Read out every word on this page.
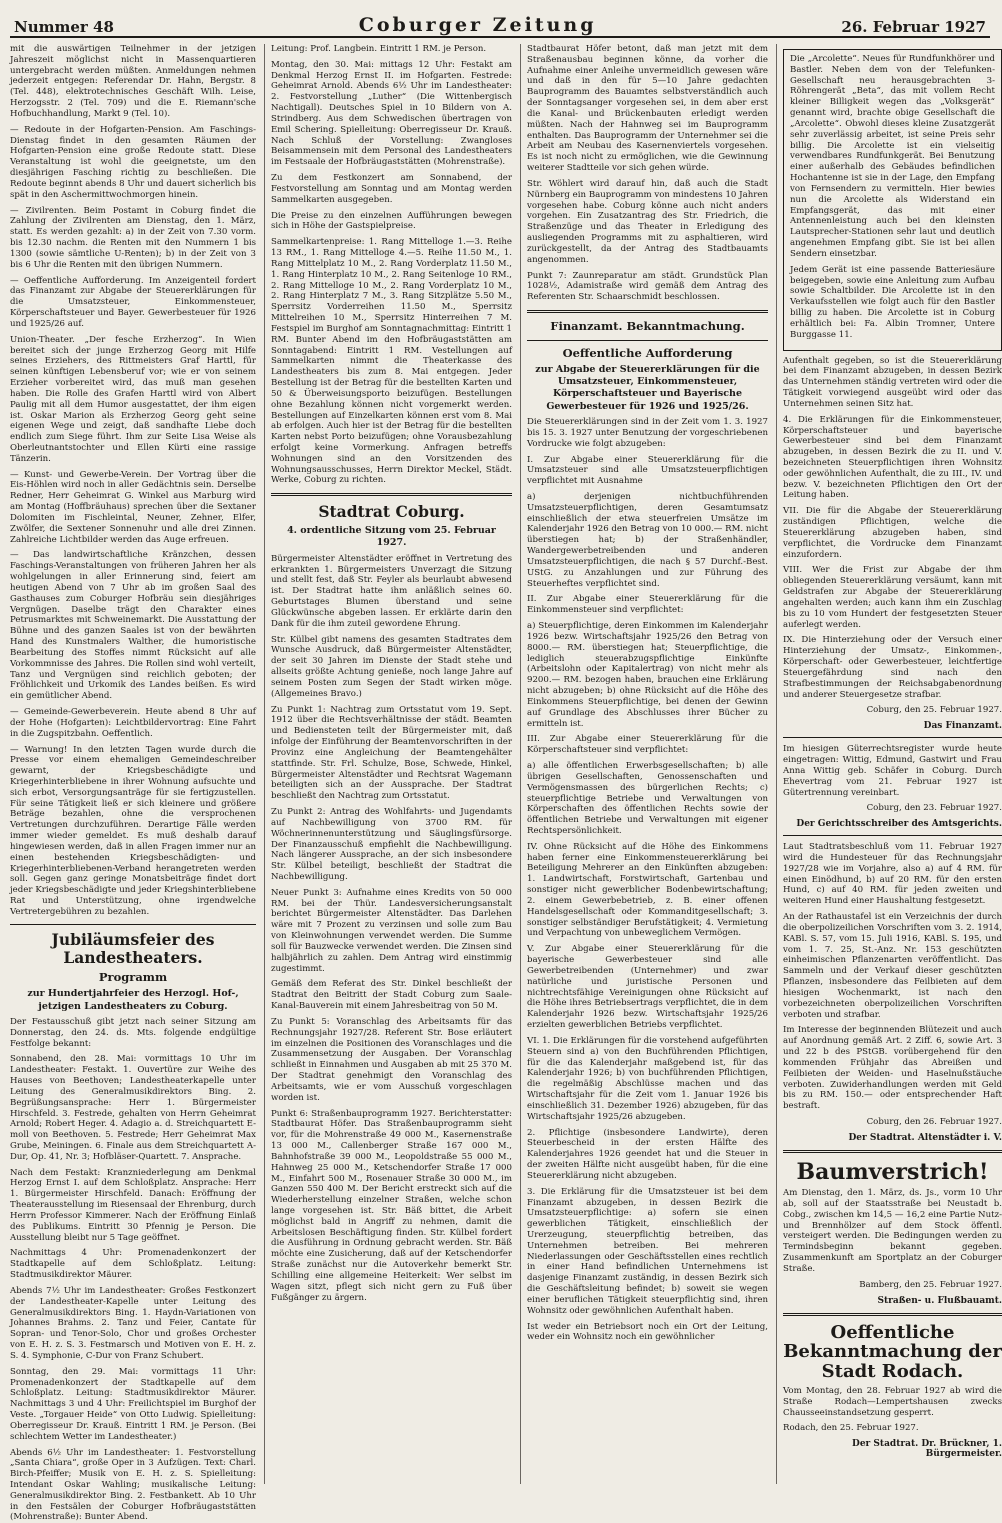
Nummer 48	Coburger Zeitung	26. Februar 1927

mit die auswärtigen Teilnehmer in der jetzigen Jahreszeit möglichst nicht in Massenquartieren untergebracht werden müßten. Anmeldungen nehmen jederzeit entgegen: Referendar Dr. Hahn, Bergstr. 8 (Tel. 448), elektrotechnisches Geschäft Wilh. Leise, Herzogsstr. 2 (Tel. 709) und die E. Riemann'sche Hofbuchhandlung, Markt 9 (Tel. 10).

— Redoute in der Hofgarten-Pension. Am Faschings-Dienstag findet in den gesamten Räumen der Hofgarten-Pension eine große Redoute statt. Diese Veranstaltung ist wohl die geeignetste, um den diesjährigen Fasching richtig zu beschließen. Die Redoute beginnt abends 8 Uhr und dauert sicherlich bis spät in den Aschermittwochmorgen hinein.

— Zivilrenten. Beim Postamt in Coburg findet die Zahlung der Zivilrenten am Dienstag, den 1. März, statt. Es werden gezahlt: a) in der Zeit von 7.30 vorm. bis 12.30 nachm. die Renten mit den Nummern 1 bis 1300 (sowie sämtliche U-Renten); b) in der Zeit von 3 bis 6 Uhr die Renten mit den übrigen Nummern.

— Oeffentliche Aufforderung. Im Anzeigenteil fordert das Finanzamt zur Abgabe der Steuererklärungen für die Umsatzsteuer, Einkommensteuer, Körperschaftsteuer und Bayer. Gewerbesteuer für 1926 und 1925/26 auf.

Union-Theater. „Der fesche Erzherzog“. In Wien bereitet sich der junge Erzherzog Georg mit Hilfe seines Erziehers, des Rittmeisters Graf Harttl, für seinen künftigen Lebensberuf vor; wie er von seinem Erzieher vorbereitet wird, das muß man gesehen haben. Die Rolle des Grafen Harttl wird von Albert Paulig mit all dem Humor ausgestattet, der ihm eigen ist. Oskar Marion als Erzherzog Georg geht seine eigenen Wege und zeigt, daß sandhafte Liebe doch endlich zum Siege führt. Ihm zur Seite Lisa Weise als Oberleutnantstochter und Ellen Kürti eine rassige Tänzerin.

— Kunst- und Gewerbe-Verein. Der Vortrag über die Eis-Höhlen wird noch in aller Gedächtnis sein. Derselbe Redner, Herr Geheimrat G. Winkel aus Marburg wird am Montag (Hoffbräuhaus) sprechen über die Sextaner Dolomiten im Fischleintal, Neuner, Zehner, Elfer, Zwölfer, die Sextener Sonnenuhr und alle drei Zinnen. Zahlreiche Lichtbilder werden das Auge erfreuen.

— Das landwirtschaftliche Kränzchen, dessen Faschings-Veranstaltungen von früheren Jahren her als wohlgelungen in aller Erinnerung sind, feiert am heutigen Abend von 7 Uhr ab im großen Saal des Gasthauses zum Coburger Hofbräu sein diesjähriges Vergnügen. Daselbe trägt den Charakter eines Petrusmarktes mit Schweinemarkt. Die Ausstattung der Bühne und des ganzen Saales ist von der bewährten Hand des Kunstmalers Walther, die humoristische Bearbeitung des Stoffes nimmt Rücksicht auf alle Vorkommnisse des Jahres. Die Rollen sind wohl verteilt, Tanz und Vergnügen sind reichlich geboten; der Fröhlichkeit und Urkomik des Landes beißen. Es wird ein gemütlicher Abend.

— Gemeinde-Gewerbeverein. Heute abend 8 Uhr auf der Hohe (Hofgarten): Leichtbildervortrag: Eine Fahrt in die Zugspitzbahn. Oeffentlich.

— Warnung! In den letzten Tagen wurde durch die Presse vor einem ehemaligen Gemeindeschreiber gewarnt, der Kriegsbeschädigte und Kriegerhinterbliebene in ihrer Wohnung aufsuchte und sich erbot, Versorgungsanträge für sie fertigzustellen. Für seine Tätigkeit ließ er sich kleinere und größere Beträge bezahlen, ohne die versprochenen Vertretungen durchzuführen. Derartige Fälle werden immer wieder gemeldet. Es muß deshalb darauf hingewiesen werden, daß in allen Fragen immer nur an einen bestehenden Kriegsbeschädigten- und Kriegerhinterbliebenen-Verband herangetreten werden soll. Gegen ganz geringe Monatsbeiträge findet dort jeder Kriegsbeschädigte und jeder Kriegshinterbliebene Rat und Unterstützung, ohne irgendwelche Vertretergebühren zu bezahlen.

Jubiläumsfeier des Landestheaters.
Programm
zur Hundertjahrfeier des Herzogl. Hof-, jetzigen Landestheaters zu Coburg.

Der Festausschuß gibt jetzt nach seiner Sitzung am Donnerstag, den 24. ds. Mts. folgende endgültige Festfolge bekannt:

Sonnabend, den 28. Mai: vormittags 10 Uhr im Landestheater: Festakt. 1. Ouvertüre zur Weihe des Hauses von Beethoven; Landestheaterkapelle unter Leitung des Generalmusikdirektors Bing. 2. Begrüßungsansprache: Herr 1. Bürgermeister Hirschfeld. 3. Festrede, gehalten von Herrn Geheimrat Arnold; Robert Heger. 4. Adagio a. d. Streichquartett E-moll von Beethoven. 5. Festrede; Herr Geheimrat Max Grube, Meiningen. 6. Finale aus dem Streichquartett A-Dur, Op. 41, Nr. 3; Hofbläser-Quartett. 7. Ansprache.

Nach dem Festakt: Kranzniederlegung am Denkmal Herzog Ernst I. auf dem Schloßplatz. Ansprache: Herr 1. Bürgermeister Hirschfeld. Danach: Eröffnung der Theaterausstellung im Riesensaal der Ehrenburg, durch Herrn Professor Kimmerer. Nach der Eröffnung Einlaß des Publikums. Eintritt 30 Pfennig je Person. Die Ausstellung bleibt nur 5 Tage geöffnet.

Nachmittags 4 Uhr: Promenadenkonzert der Stadtkapelle auf dem Schloßplatz. Leitung: Stadtmusikdirektor Mäurer.

Abends 7½ Uhr im Landestheater: Großes Festkonzert der Landestheater-Kapelle unter Leitung des Generalmusikdirektors Bing. 1. Haydn-Variationen von Johannes Brahms. 2. Tanz und Feier, Cantate für Sopran- und Tenor-Solo, Chor und großes Orchester von E. H. z. S. 3. Festmarsch und Motiven von E. H. z. S. 4. Symphonie, C-Dur von Franz Schubert.

Sonntag, den 29. Mai: vormittags 11 Uhr: Promenadenkonzert der Stadtkapelle auf dem Schloßplatz. Leitung: Stadtmusikdirektor Mäurer. Nachmittags 3 und 4 Uhr: Freilichtspiel im Burghof der Veste. „Torgauer Heide“ von Otto Ludwig. Spielleitung: Oberregisseur Dr. Krauß. Eintritt 1 RM. je Person. (Bei schlechtem Wetter im Landestheater.)

Abends 6½ Uhr im Landestheater: 1. Festvorstellung „Santa Chiara“, große Oper in 3 Aufzügen. Text: Charl. Birch-Pfeiffer; Musik von E. H. z. S. Spielleitung: Intendant Oskar Wahling; musikalische Leitung: Generalmusikdirektor Bing. 2. Festbankett. Ab 10 Uhr in den Festsälen der Coburger Hofbräugaststätten (Mohrenstraße): Bunter Abend.

Leitung: Prof. Langbein. Eintritt 1 RM. je Person.

Montag, den 30. Mai: mittags 12 Uhr: Festakt am Denkmal Herzog Ernst II. im Hofgarten. Festrede: Geheimrat Arnold. Abends 6½ Uhr im Landestheater: 2. Festvorstellung „Luther“ (Die Wittenbergisch Nachtigall). Deutsches Spiel in 10 Bildern von A. Strindberg. Aus dem Schwedischen übertragen von Emil Schering. Spielleitung: Oberregisseur Dr. Krauß. Nach Schluß der Vorstellung: Zwangloses Beisammensein mit dem Personal des Landestheaters im Festsaale der Hofbräugaststätten (Mohrenstraße).

Zu dem Festkonzert am Sonnabend, der Festvorstellung am Sonntag und am Montag werden Sammelkarten ausgegeben.

Die Preise zu den einzelnen Aufführungen bewegen sich in Höhe der Gastspielpreise.

Sammelkartenpreise: 1. Rang Mittelloge 1.—3. Reihe 13 RM., 1. Rang Mittelloge 4.—5. Reihe 11.50 M., 1. Rang Mittelplatz 10 M., 2. Rang Vorderplatz 11.50 M., 1. Rang Hinterplatz 10 M., 2. Rang Seitenloge 10 RM., 2. Rang Mittelloge 10 M., 2. Rang Vorderplatz 10 M., 2. Rang Hinterplatz 7 M., 3. Rang Sitzplätze 5.50 M., Sperrsitz Vorderreihen 11.50 M., Sperrsitz Mittelreihen 10 M., Sperrsitz Hinterreihen 7 M. Festspiel im Burghof am Sonntagnachmittag: Eintritt 1 RM. Bunter Abend im den Hofbräugaststätten am Sonntagabend: Eintritt 1 RM. Vestellungen auf Sammelkarten nimmt die Theaterkasse des Landestheaters bis zum 8. Mai entgegen. Jeder Bestellung ist der Betrag für die bestellten Karten und 50 & Überweisungsporto beizufügen. Bestellungen ohne Bezahlung können nicht vorgemerkt werden. Bestellungen auf Einzelkarten können erst vom 8. Mai ab erfolgen. Auch hier ist der Betrag für die bestellten Karten nebst Porto beizufügen; ohne Vorausbezahlung erfolgt keine Vormerkung. Anfragen betreffs Wohnungen sind an den Vorsitzenden des Wohnungsausschusses, Herrn Direktor Meckel, Städt. Werke, Coburg zu richten.

Stadtrat Coburg.
4. ordentliche Sitzung vom 25. Februar 1927.

Bürgermeister Altenstädter eröffnet in Vertretung des erkrankten 1. Bürgermeisters Unverzagt die Sitzung und stellt fest, daß Str. Feyler als beurlaubt abwesend ist. Der Stadtrat hatte ihm anläßlich seines 60. Geburtstages Blumen überstand und seine Glückwünsche abgeben lassen. Er erklärte darin den Dank für die ihm zuteil gewordene Ehrung.

Str. Külbel gibt namens des gesamten Stadtrates dem Wunsche Ausdruck, daß Bürgermeister Altenstädter, der seit 30 Jahren im Dienste der Stadt stehe und allseits größte Achtung genieße, noch lange Jahre auf seinem Posten zum Segen der Stadt wirken möge. (Allgemeines Bravo.)

Zu Punkt 1: Nachtrag zum Ortsstatut vom 19. Sept. 1912 über die Rechtsverhältnisse der städt. Beamten und Bediensteten teilt der Bürgermeister mit, daß infolge der Einführung der Beamtenvorschriften in der Provinz eine Angleichung der Beamtengehälter stattfinde. Str. Frl. Schulze, Bose, Schwede, Hinkel, Bürgermeister Altenstädter und Rechtsrat Wagemann beteiligten sich an der Aussprache. Der Stadtrat beschließt den Nachtrag zum Ortsstatut.

Zu Punkt 2: Antrag des Wohlfahrts- und Jugendamts auf Nachbewilligung von 3700 RM. für Wöchnerinnenunterstützung und Säuglingsfürsorge. Der Finanzausschuß empfiehlt die Nachbewilligung. Nach längerer Aussprache, an der sich insbesondere Str. Külbel beteiligt, beschließt der Stadtrat die Nachbewilligung.

Neuer Punkt 3: Aufnahme eines Kredits von 50 000 RM. bei der Thür. Landesversicherungsanstalt berichtet Bürgermeister Altenstädter. Das Darlehen wäre mit 7 Prozent zu verzinsen und solle zum Bau von Kleinwohnungen verwendet werden. Die Summe soll für Bauzwecke verwendet werden. Die Zinsen sind halbjährlich zu zahlen. Dem Antrag wird einstimmig zugestimmt.

Gemäß dem Referat des Str. Dinkel beschließt der Stadtrat den Beitritt der Stadt Coburg zum Saale-Kanal-Bauverein mit einem Jahresbeitrag von 50 M.

Zu Punkt 5: Voranschlag des Arbeitsamts für das Rechnungsjahr 1927/28. Referent Str. Bose erläutert im einzelnen die Positionen des Voranschlages und die Zusammensetzung der Ausgaben. Der Voranschlag schließt in Einnahmen und Ausgaben ab mit 25 370 M. Der Stadtrat genehmigt den Voranschlag des Arbeitsamts, wie er vom Ausschuß vorgeschlagen worden ist.

Punkt 6: Straßenbauprogramm 1927. Berichterstatter: Stadtbaurat Höfer. Das Straßenbauprogramm sieht vor, für die Mohrenstraße 49 000 M., Kasernenstraße 13 000 M., Callenberger Straße 167 000 M., Bahnhofstraße 39 000 M., Leopoldstraße 55 000 M., Hahnweg 25 000 M., Ketschendorfer Straße 17 000 M., Einfahrt 500 M., Rosenauer Straße 30 000 M., im Ganzen 550 400 M. Der Bericht erstreckt sich auf die Wiederherstellung einzelner Straßen, welche schon lange vorgesehen ist. Str. Bäß bittet, die Arbeit möglichst bald in Angriff zu nehmen, damit die Arbeitslosen Beschäftigung finden. Str. Külbel fordert die Ausführung in Ordnung gebracht werden. Str. Bäß möchte eine Zusicherung, daß auf der Ketschendorfer Straße zunächst nur die Autoverkehr bemerkt Str. Schilling eine allgemeine Heiterkeit: Wer selbst im Wagen sitzt, pflegt sich nicht gern zu Fuß über Fußgänger zu ärgern.

Stadtbaurat Höfer betont, daß man jetzt mit dem Straßenausbau beginnen könne, da vorher die Aufnahme einer Anleihe unvermeidlich gewesen wäre und daß in den für 5—10 Jahre gedachten Bauprogramm des Bauamtes selbstverständlich auch der Sonntagsanger vorgesehen sei, in dem aber erst die Kanal- und Brückenbauten erledigt werden müßten. Nach der Hahnweg sei im Bauprogramm enthalten. Das Bauprogramm der Unternehmer sei die Arbeit am Neubau des Kasernenviertels vorgesehen. Es ist noch nicht zu ermöglichen, wie die Gewinnung weiterer Stadtteile vor sich gehen würde.

Str. Wöhlert wird darauf hin, daß auch die Stadt Nürnberg ein Bauprogramm von mindestens 10 Jahren vorgesehen habe. Coburg könne auch nicht anders vorgehen. Ein Zusatzantrag des Str. Friedrich, die Straßenzüge und das Theater in Erledigung des ausliegenden Programms mit zu asphaltieren, wird zurückgestellt, da der Antrag des Stadtbauamts angenommen.

Punkt 7: Zaunreparatur am städt. Grundstück Plan 1028½, Adamistraße wird gemäß dem Antrag des Referenten Str. Schaarschmidt beschlossen.

Finanzamt. Bekanntmachung.
Oeffentliche Aufforderung
zur Abgabe der Steuererklärungen für die Umsatzsteuer, Einkommensteuer, Körperschaftsteuer und Bayerische Gewerbesteuer für 1926 und 1925/26.

Die Steuererklärungen sind in der Zeit vom 1. 3. 1927 bis 15. 3. 1927 unter Benutzung der vorgeschriebenen Vordrucke wie folgt abzugeben:

I. Zur Abgabe einer Steuererklärung für die Umsatzsteuer sind alle Umsatzsteuerpflichtigen verpflichtet mit Ausnahme

a) derjenigen nichtbuchführenden Umsatzsteuerpflichtigen, deren Gesamtumsatz einschließlich der etwa steuerfreien Umsätze im Kalenderjahr 1926 den Betrag von 10 000.— RM. nicht überstiegen hat; b) der Straßenhändler, Wandergewerbetreibenden und anderen Umsatzsteuerpflichtigen, die nach § 57 Durchf.-Best. UStG. zu Anzahlungen und zur Führung des Steuerheftes verpflichtet sind.

II. Zur Abgabe einer Steuererklärung für die Einkommensteuer sind verpflichtet:

a) Steuerpflichtige, deren Einkommen im Kalenderjahr 1926 bezw. Wirtschaftsjahr 1925/26 den Betrag von 8000.— RM. überstiegen hat; Steuerpflichtige, die lediglich steuerabzugspflichtige Einkünfte (Arbeitslohn oder Kapitalertrag) von nicht mehr als 9200.— RM. bezogen haben, brauchen eine Erklärung nicht abzugeben; b) ohne Rücksicht auf die Höhe des Einkommens Steuerpflichtige, bei denen der Gewinn auf Grundlage des Abschlusses ihrer Bücher zu ermitteln ist.

III. Zur Abgabe einer Steuererklärung für die Körperschaftsteuer sind verpflichtet:

a) alle öffentlichen Erwerbsgesellschaften; b) alle übrigen Gesellschaften, Genossenschaften und Vermögensmassen des bürgerlichen Rechts; c) steuerpflichtige Betriebe und Verwaltungen von Körperschaften des öffentlichen Rechts sowie der öffentlichen Betriebe und Verwaltungen mit eigener Rechtspersönlichkeit.

IV. Ohne Rücksicht auf die Höhe des Einkommens haben ferner eine Einkommensteuererklärung bei Beteiligung Mehrerer an den Einkünften abzugeben: 1. Landwirtschaft, Forstwirtschaft, Gartenbau und sonstiger nicht gewerblicher Bodenbewirtschaftung; 2. einem Gewerbebetrieb, z. B. einer offenen Handelsgesellschaft oder Kommanditgesellschaft; 3. sonstiger selbständiger Berufstätigkeit; 4. Vermietung und Verpachtung von unbeweglichem Vermögen.

V. Zur Abgabe einer Steuererklärung für die bayerische Gewerbesteuer sind alle Gewerbetreibenden (Unternehmer) und zwar natürliche und juristische Personen und nichtrechtsfähige Vereinigungen ohne Rücksicht auf die Höhe ihres Betriebsertrags verpflichtet, die in dem Kalenderjahr 1926 bezw. Wirtschaftsjahr 1925/26 erzielten gewerblichen Betriebs verpflichtet.

VI. 1. Die Erklärungen für die vorstehend aufgeführten Steuern sind a) von den Buchführenden Pflichtigen, für die das Kalenderjahr maßgebend ist, für das Kalenderjahr 1926; b) von buchführenden Pflichtigen, die regelmäßig Abschlüsse machen und das Wirtschaftsjahr für die Zeit vom 1. Januar 1926 bis einschließlich 31. Dezember 1926) abzugeben, für das Wirtschaftsjahr 1925/26 abzugeben.

2. Pflichtige (insbesondere Landwirte), deren Steuerbescheid in der ersten Hälfte des Kalenderjahres 1926 geendet hat und die Steuer in der zweiten Hälfte nicht ausgeübt haben, für die eine Steuererklärung nicht abzugeben.

3. Die Erklärung für die Umsatzsteuer ist bei dem Finanzamt abzugeben, in dessen Bezirk die Umsatzsteuerpflichtige: a) sofern sie einen gewerblichen Tätigkeit, einschließlich der Urerzeugung, steuerpflichtig betreiben, das Unternehmen betreiben. Bei mehreren Niederlassungen oder Geschäftsstellen eines rechtlich in einer Hand befindlichen Unternehmens ist dasjenige Finanzamt zuständig, in dessen Bezirk sich die Geschäftsleitung befindet; b) soweit sie wegen einer beruflichen Tätigkeit steuerpflichtig sind, ihren Wohnsitz oder gewöhnlichen Aufenthalt haben.

Ist weder ein Betriebsort noch ein Ort der Leitung, weder ein Wohnsitz noch ein gewöhnlicher

Die „Arcolette“. Neues für Rundfunkhörer und Bastler. Neben dem von der Telefunken-Gesellschaft neu herausgebrachten 3-Röhrengerät „Beta“, das mit vollem Recht kleiner Billigkeit wegen das „Volksgerät“ genannt wird, brachte obige Gesellschaft die „Arcolette“. Obwohl dieses kleine Zusatzgerät sehr zuverlässig arbeitet, ist seine Preis sehr billig. Die Arcolette ist ein vielseitig verwendbares Rundfunkgerät. Bei Benutzung einer außerhalb des Gebäudes befindlichen Hochantenne ist sie in der Lage, den Empfang von Fernsendern zu vermitteln. Hier bewies nun die Arcolette als Widerstand ein Empfangsgerät, das mit einer Antennenleistung auch bei den kleinsten Lautsprecher-Stationen sehr laut und deutlich angenehmen Empfang gibt. Sie ist bei allen Sendern einsetzbar.

Jedem Gerät ist eine passende Batteriesäure beigegeben, sowie eine Anleitung zum Aufbau sowie Schaltbilder. Die Arcolette ist in den Verkaufsstellen wie folgt auch für den Bastler billig zu haben. Die Arcolette ist in Coburg erhältlich bei: Fa. Albin Tromner, Untere Burggasse 11.

Aufenthalt gegeben, so ist die Steuererklärung bei dem Finanzamt abzugeben, in dessen Bezirk das Unternehmen ständig vertreten wird oder die Tätigkeit vorwiegend ausgeübt wird oder das Unternehmen seinen Sitz hat.

4. Die Erklärungen für die Einkommensteuer, Körperschaftsteuer und bayerische Gewerbesteuer sind bei dem Finanzamt abzugeben, in dessen Bezirk die zu II. und V. bezeichneten Steuerpflichtigen ihren Wohnsitz oder gewöhnlichen Aufenthalt, die zu III., IV. und bezw. V. bezeichneten Pflichtigen den Ort der Leitung haben.

VII. Die für die Abgabe der Steuererklärung zuständigen Pflichtigen, welche die Steuererklärung abzugeben haben, sind verpflichtet, die Vordrucke dem Finanzamt einzufordern.

VIII. Wer die Frist zur Abgabe der ihm obliegenden Steuererklärung versäumt, kann mit Geldstrafen zur Abgabe der Steuererklärung angehalten werden; auch kann ihm ein Zuschlag bis zu 10 vom Hundert der festgesetzten Steuer auferlegt werden.

IX. Die Hinterziehung oder der Versuch einer Hinterziehung der Umsatz-, Einkommen-, Körperschaft- oder Gewerbesteuer, leichtfertige Steuergefährdung sind nach den Strafbestimmungen der Reichsabgabenordnung und anderer Steuergesetze strafbar.

Coburg, den 25. Februar 1927.

Das Finanzamt.

Im hiesigen Güterrechtsregister wurde heute eingetragen: Wittig, Edmund, Gastwirt und Frau Anna Wittig geb. Schäfer in Coburg. Durch Ehevertrag vom 21. Februar 1927 ist Gütertrennung vereinbart.

Coburg, den 23. Februar 1927.

Der Gerichtsschreiber des Amtsgerichts.

Laut Stadtratsbeschluß vom 11. Februar 1927 wird die Hundesteuer für das Rechnungsjahr 1927/28 wie im Vorjahre, also a) auf 4 RM. für einen Einödhund, b) auf 20 RM. für den ersten Hund, c) auf 40 RM. für jeden zweiten und weiteren Hund einer Haushaltung festgesetzt.

An der Rathaustafel ist ein Verzeichnis der durch die oberpolizeilichen Vorschriften vom 3. 2. 1914, KABl. S. 57, vom 15. Juli 1916, KABl. S. 195, und vom 1. 7. 25, St.-Anz. Nr. 153 geschützten einheimischen Pflanzenarten veröffentlicht. Das Sammeln und der Verkauf dieser geschützten Pflanzen, insbesondere das Feilbieten auf dem hiesigen Wochenmarkt, ist nach den vorbezeichneten oberpolizeilichen Vorschriften verboten und strafbar.

Im Interesse der beginnenden Blütezeit und auch auf Anordnung gemäß Art. 2 Ziff. 6, sowie Art. 3 und 22 b des PStGB. vorübergehend für den kommenden Frühjahr das Abreißen und Feilbieten der Weiden- und Haselnußstäuche verboten. Zuwiderhandlungen werden mit Geld bis zu RM. 150.— oder entsprechender Haft bestraft.

Coburg, den 26. Februar 1927.

Der Stadtrat. Altenstädter i. V.
Baumverstrich!

Am Dienstag, den 1. März, ds. Js., vorm 10 Uhr ab, soll auf der Staatsstraße bei Neustadt b. Cobg., zwischen km 14,5 — 16,2 eine Partie Nutz- und Brennhölzer auf dem Stock öffentl. versteigert werden. Die Bedingungen werden zu Termindsbeginn bekannt gegeben. Zusammenkunft am Sportplatz an der Coburger Straße.

Bamberg, den 25. Februar 1927.

Straßen- u. Flußbauamt.
Oeffentliche Bekanntmachung der Stadt Rodach.

Vom Montag, den 28. Februar 1927 ab wird die Straße Rodach—Lempertshausen zwecks Chausseeinstandsetzung gesperrt.

Rodach, den 25. Februar 1927.

Der Stadtrat. Dr. Brückner, 1. Bürgermeister.
